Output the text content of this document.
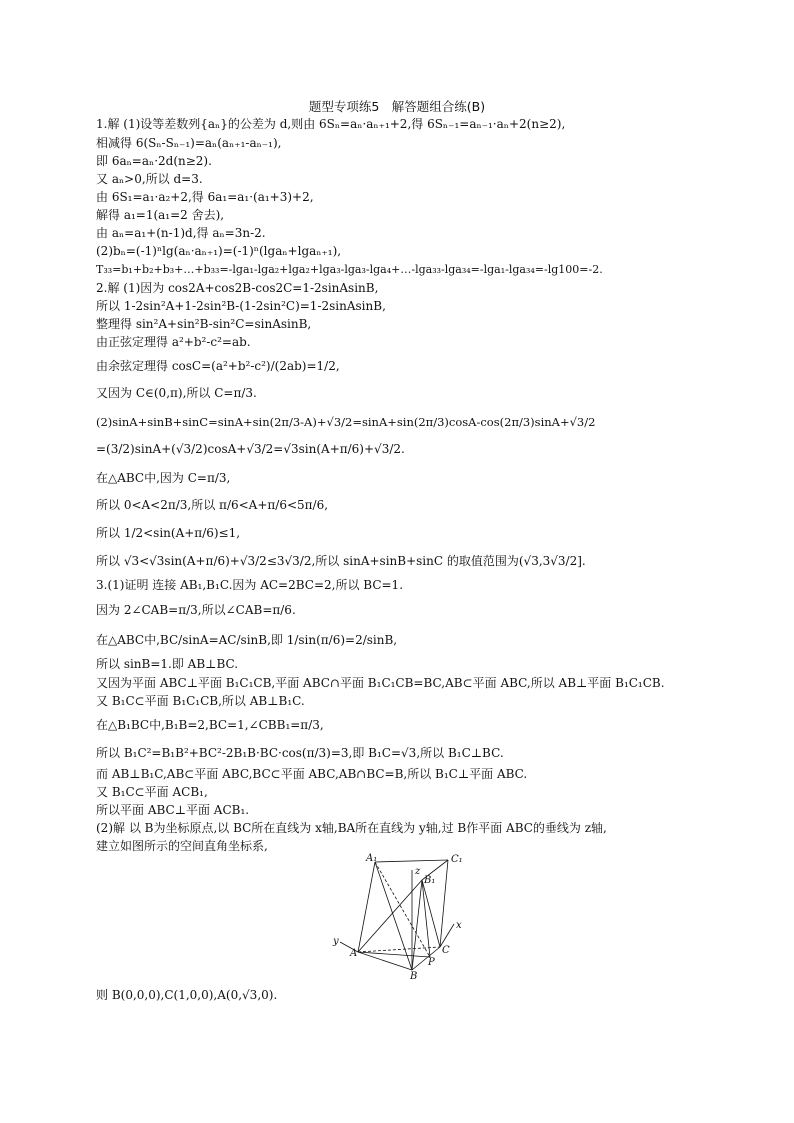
题型专项练5　解答题组合练(B)
1.解 (1)设等差数列{aₙ}的公差为 d,则由 6Sₙ=aₙ·aₙ₊₁+2,得 6Sₙ₋₁=aₙ₋₁·aₙ+2(n≥2),
相减得 6(Sₙ-Sₙ₋₁)=aₙ(aₙ₊₁-aₙ₋₁),
即 6aₙ=aₙ·2d(n≥2).
又 aₙ>0,所以 d=3.
由 6S₁=a₁·a₂+2,得 6a₁=a₁·(a₁+3)+2,
解得 a₁=1(a₁=2 舍去),
由 aₙ=a₁+(n-1)d,得 aₙ=3n-2.
(2)bₙ=(-1)ⁿlg(aₙ·aₙ₊₁)=(-1)ⁿ(lgaₙ+lgaₙ₊₁),
T₃₃=b₁+b₂+b₃+…+b₃₃=-lga₁-lga₂+lga₂+lga₃-lga₃-lga₄+…-lga₃₃-lga₃₄=-lga₁-lga₃₄=-lg100=-2.
2.解 (1)因为 cos2A+cos2B-cos2C=1-2sinAsinB,
所以 1-2sin²A+1-2sin²B-(1-2sin²C)=1-2sinAsinB,
整理得 sin²A+sin²B-sin²C=sinAsinB,
由正弦定理得 a²+b²-c²=ab.
由余弦定理得 cosC=(a²+b²-c²)/(2ab)=1/2,
又因为 C∈(0,π),所以 C=π/3.
(2)sinA+sinB+sinC=sinA+sin(2π/3-A)+√3/2=sinA+sin(2π/3)cosA-cos(2π/3)sinA+√3/2
=(3/2)sinA+(√3/2)cosA+√3/2=√3sin(A+π/6)+√3/2.
在△ABC中,因为 C=π/3,
所以 0<A<2π/3,所以 π/6<A+π/6<5π/6,
所以 1/2<sin(A+π/6)≤1,
所以 √3<√3sin(A+π/6)+√3/2≤3√3/2,所以 sinA+sinB+sinC 的取值范围为(√3,3√3/2].
3.(1)证明 连接 AB₁,B₁C.因为 AC=2BC=2,所以 BC=1.
因为 2∠CAB=π/3,所以∠CAB=π/6.
在△ABC中,BC/sinA=AC/sinB,即 1/sin(π/6)=2/sinB,
所以 sinB=1.即 AB⊥BC.
又因为平面 ABC⊥平面 B₁C₁CB,平面 ABC∩平面 B₁C₁CB=BC,AB⊂平面 ABC,所以 AB⊥平面 B₁C₁CB.
又 B₁C⊂平面 B₁C₁CB,所以 AB⊥B₁C.
在△B₁BC中,B₁B=2,BC=1,∠CBB₁=π/3,
所以 B₁C²=B₁B²+BC²-2B₁B·BC·cos(π/3)=3,即 B₁C=√3,所以 B₁C⊥BC.
而 AB⊥B₁C,AB⊂平面 ABC,BC⊂平面 ABC,AB∩BC=B,所以 B₁C⊥平面 ABC.
又 B₁C⊂平面 ACB₁,
所以平面 ABC⊥平面 ACB₁.
(2)解 以 B为坐标原点,以 BC所在直线为 x轴,BA所在直线为 y轴,过 B作平面 ABC的垂线为 z轴,
建立如图所示的空间直角坐标系,
A₁	C₁
B₁
A
B
C
P
x
y
z
则 B(0,0,0),C(1,0,0),A(0,√3,0).
